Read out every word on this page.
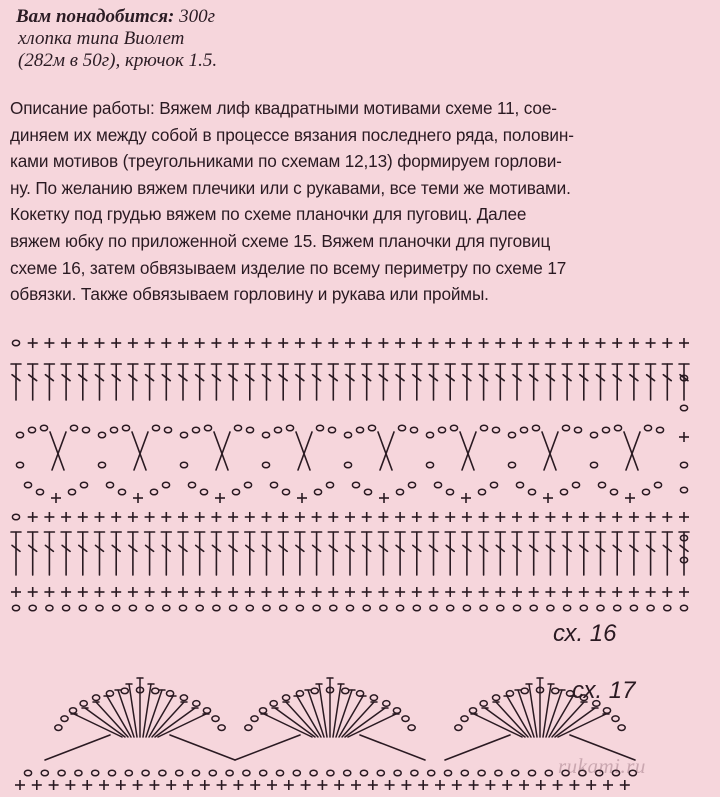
Вам понадобится: 300г
хлопка типа Виолет
(282м в 50г), крючок 1.5.
Описание работы: Вяжем лиф квадратными мотивами схеме 11, сое-
диняем их между собой в процессе вязания последнего ряда, половин-
ками мотивов (треугольниками по схемам 12,13) формируем горлови-
ну. По желанию вяжем плечики или с рукавами, все теми же мотивами.
Кокетку под грудью вяжем по схеме планочки для пуговиц. Далее
вяжем юбку по приложенной схеме 15. Вяжем планочки для пуговиц
схеме 16, затем обвязываем изделие по всему периметру по схеме 17
обвязки. Также обвязываем горловину и рукава или проймы.
сх. 16
сх. 17
rukami.ru
